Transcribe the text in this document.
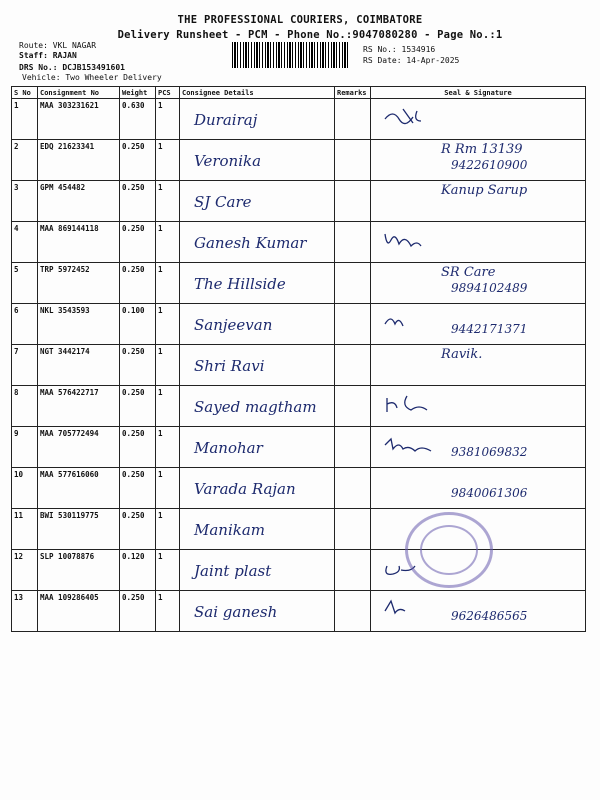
THE PROFESSIONAL COURIERS, COIMBATORE
Delivery Runsheet - PCM - Phone No.:9047080280 - Page No.:1
Route: VKL NAGAR
Staff: RAJAN
DRS No.: DCJB153491601
Vehicle: Two Wheeler Delivery
RS No.: 1534916
RS Date: 14-Apr-2025
S No	Consignment No	Weight	PCS	Consignee Details	Remarks	Seal & Signature
1	MAA 303231621	0.630	1	Durairaj

2	EDQ 21623341	0.250	1	Veronika		R Rm 13139
9422610900

3	GPM 454482	0.250	1	SJ Care		Kanup Sarup

4	MAA 869144118	0.250	1	Ganesh Kumar

5	TRP 5972452	0.250	1	The Hillside		SR Care
9894102489

6	NKL 3543593	0.100	1	Sanjeevan		9442171371

7	NGT 3442174	0.250	1	Shri Ravi		Ravik.

8	MAA 576422717	0.250	1	Sayed magtham

9	MAA 705772494	0.250	1	Manohar		9381069832

10	MAA 577616060	0.250	1	Varada Rajan		9840061306

11	BWI 530119775	0.250	1	Manikam		

12	SLP 10078876	0.120	1	Jaint plast

13	MAA 109286405	0.250	1	Sai ganesh		9626486565
